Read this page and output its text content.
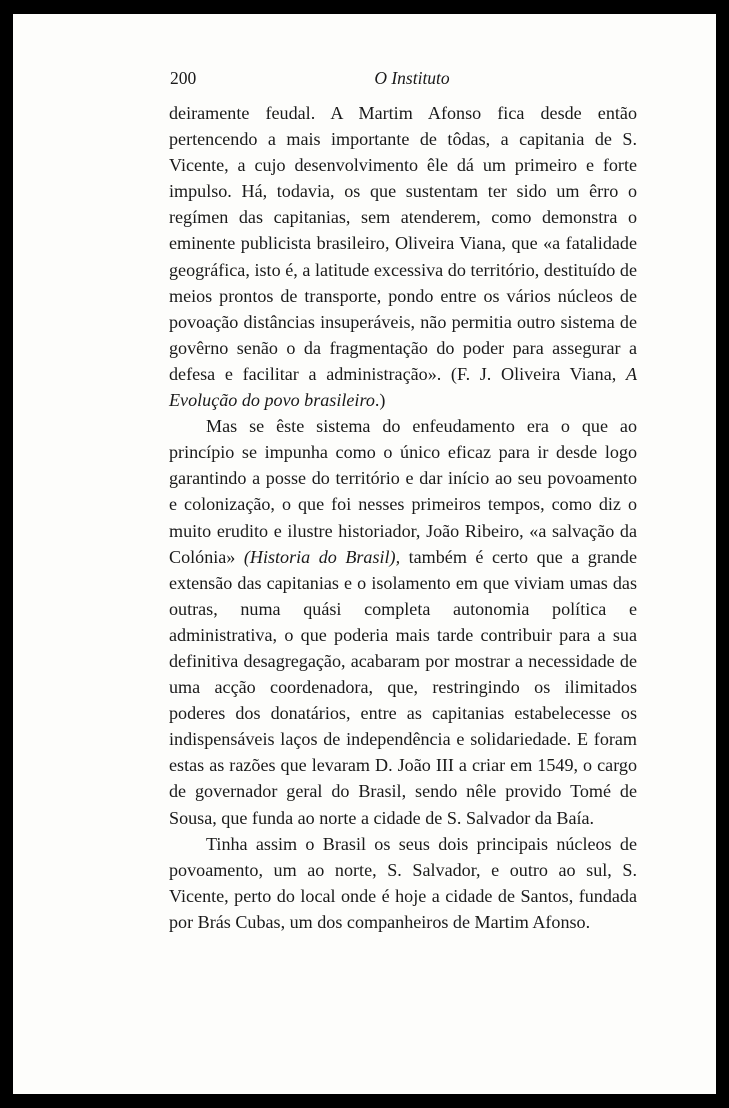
200	O Instituto

deiramente feudal. A Martim Afonso fica desde então pertencendo a mais importante de tôdas, a capitania de S. Vicente, a cujo desenvolvimento êle dá um primeiro e forte impulso. Há, todavia, os que sustentam ter sido um êrro o regímen das capitanias, sem atenderem, como demonstra o eminente publicista brasileiro, Oliveira Viana, que «a fatalidade geográfica, isto é, a latitude excessiva do território, destituído de meios prontos de transporte, pondo entre os vários núcleos de povoação distâncias insuperáveis, não permitia outro sistema de govêrno senão o da fragmentação do poder para assegurar a defesa e facilitar a administração». (F. J. Oliveira Viana, A Evolução do povo brasileiro.)

Mas se êste sistema do enfeudamento era o que ao princípio se impunha como o único eficaz para ir desde logo garantindo a posse do território e dar início ao seu povoamento e colonização, o que foi nesses primeiros tempos, como diz o muito erudito e ilustre historiador, João Ribeiro, «a salvação da Colónia» (Historia do Brasil), também é certo que a grande extensão das capitanias e o isolamento em que viviam umas das outras, numa quási completa autonomia política e administrativa, o que poderia mais tarde contribuir para a sua definitiva desagregação, acabaram por mostrar a necessidade de uma acção coordenadora, que, restringindo os ilimitados poderes dos donatários, entre as capitanias estabelecesse os indispensáveis laços de independência e solidariedade. E foram estas as razões que levaram D. João III a criar em 1549, o cargo de governador geral do Brasil, sendo nêle provido Tomé de Sousa, que funda ao norte a cidade de S. Salvador da Baía.

Tinha assim o Brasil os seus dois principais núcleos de povoamento, um ao norte, S. Salvador, e outro ao sul, S. Vicente, perto do local onde é hoje a cidade de Santos, fundada por Brás Cubas, um dos companheiros de Martim Afonso.
